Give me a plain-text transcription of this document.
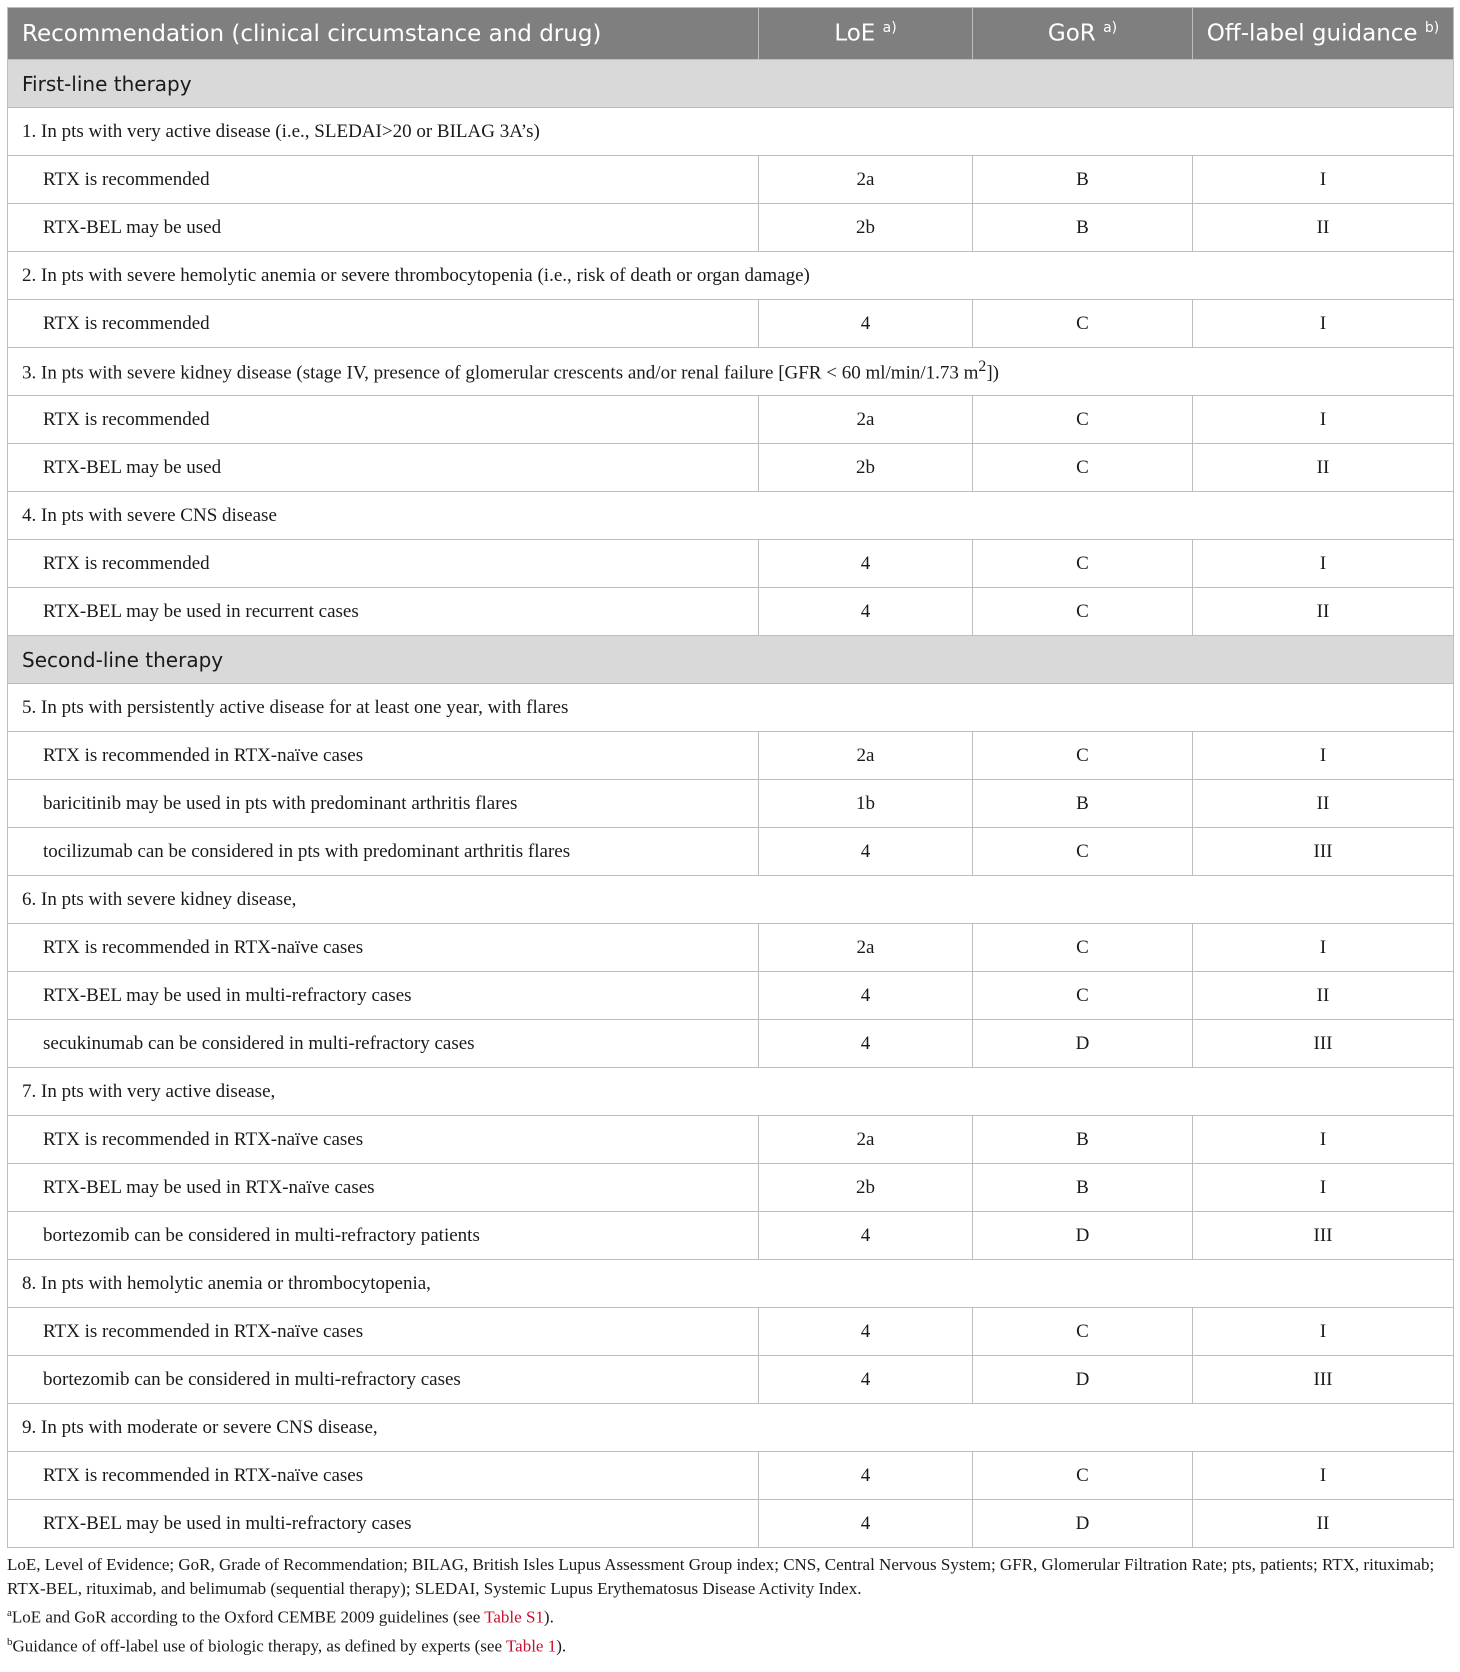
Recommendation (clinical circumstance and drug)	LoE $^{a)}$	GoR $^{a)}$	Off-label guidance $^{b)}$
First-line therapy			
1. In pts with very active disease (i.e., SLEDAI>20 or BILAG 3A’s)			
RTX is recommended	2a	B	I
RTX-BEL may be used	2b	B	II
2. In pts with severe hemolytic anemia or severe thrombocytopenia (i.e., risk of death or organ damage)			
RTX is recommended	4	C	I
3. In pts with severe kidney disease (stage IV, presence of glomerular crescents and/or renal failure [GFR < 60 ml/min/1.73 $m^2$])			
RTX is recommended	2a	C	I
RTX-BEL may be used	2b	C	II
4. In pts with severe CNS disease			
RTX is recommended	4	C	I
RTX-BEL may be used in recurrent cases	4	C	II
Second-line therapy			
5. In pts with persistently active disease for at least one year, with flares			
RTX is recommended in RTX-naïve cases	2a	C	I
baricitinib may be used in pts with predominant arthritis flares	1b	B	II
tocilizumab can be considered in pts with predominant arthritis flares	4	C	III
6. In pts with severe kidney disease,			
RTX is recommended in RTX-naïve cases	2a	C	I
RTX-BEL may be used in multi-refractory cases	4	C	II
secukinumab can be considered in multi-refractory cases	4	D	III
7. In pts with very active disease,			
RTX is recommended in RTX-naïve cases	2a	B	I
RTX-BEL may be used in RTX-naïve cases	2b	B	I
bortezomib can be considered in multi-refractory patients	4	D	III
8. In pts with hemolytic anemia or thrombocytopenia,			
RTX is recommended in RTX-naïve cases	4	C	I
bortezomib can be considered in multi-refractory cases	4	D	III
9. In pts with moderate or severe CNS disease,			
RTX is recommended in RTX-naïve cases	4	C	I
RTX-BEL may be used in multi-refractory cases	4	D	II

LoE, Level of Evidence; GoR, Grade of Recommendation; BILAG, British Isles Lupus Assessment Group index; CNS, Central Nervous System; GFR, Glomerular Filtration Rate; pts, patients; RTX, rituximab; RTX-BEL, rituximab, and belimumab (sequential therapy); SLEDAI, Systemic Lupus Erythematosus Disease Activity Index.

$^a$LoE and GoR according to the Oxford CEMBE 2009 guidelines (see Table S1).

$^b$Guidance of off-label use of biologic therapy, as defined by experts (see Table 1).
